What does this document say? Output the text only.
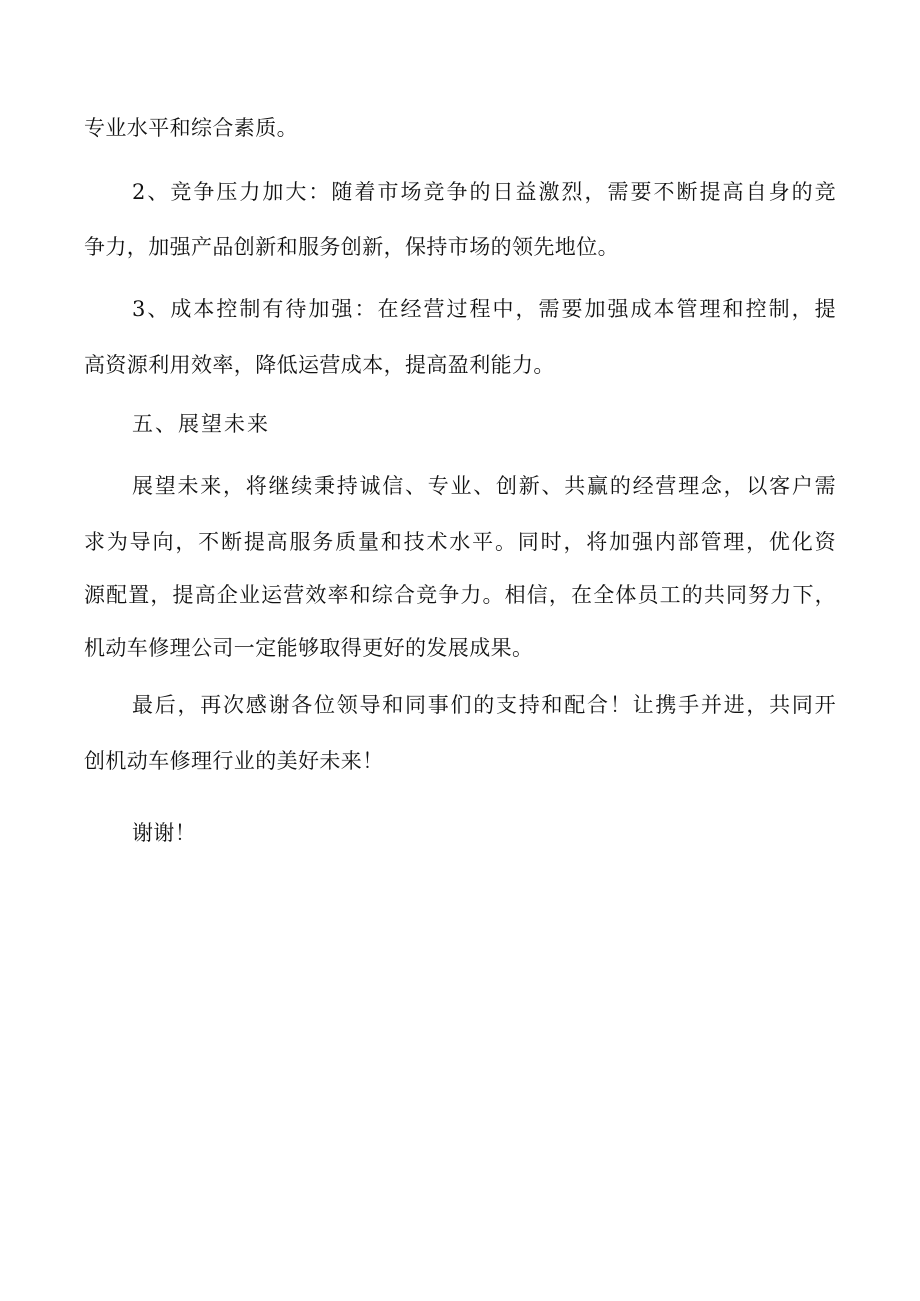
专业水平和综合素质。
2、竞争压力加大：随着市场竞争的日益激烈，需要不断提高自身的竞
争力，加强产品创新和服务创新，保持市场的领先地位。
3、成本控制有待加强：在经营过程中，需要加强成本管理和控制，提
高资源利用效率，降低运营成本，提高盈利能力。
五、展望未来
展望未来，将继续秉持诚信、专业、创新、共赢的经营理念，以客户需
求为导向，不断提高服务质量和技术水平。同时，将加强内部管理，优化资
源配置，提高企业运营效率和综合竞争力。相信，在全体员工的共同努力下，
机动车修理公司一定能够取得更好的发展成果。
最后，再次感谢各位领导和同事们的支持和配合！让携手并进，共同开
创机动车修理行业的美好未来！
谢谢！
